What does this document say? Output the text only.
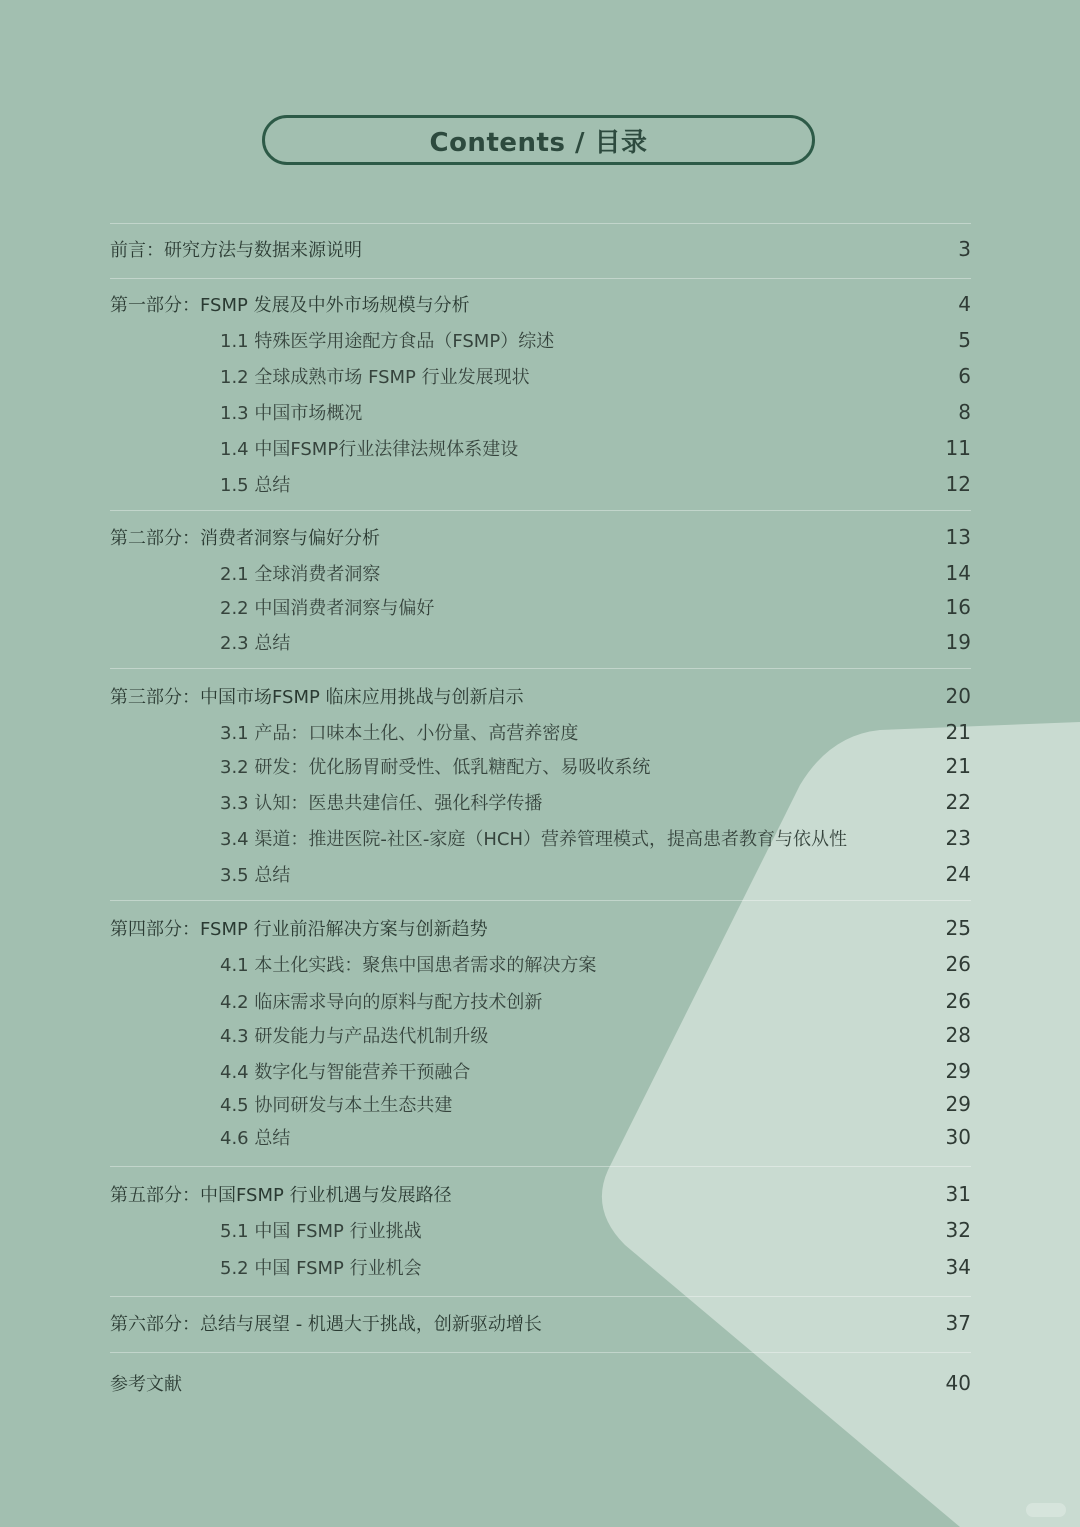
Contents / 目录
前言：研究方法与数据来源说明	3
第一部分：FSMP 发展及中外市场规模与分析	4
1.1 特殊医学用途配方食品（FSMP）综述	5
1.2 全球成熟市场 FSMP 行业发展现状	6
1.3 中国市场概况	8
1.4 中国FSMP行业法律法规体系建设	11
1.5 总结	12
第二部分：消费者洞察与偏好分析	13
2.1 全球消费者洞察	14
2.2 中国消费者洞察与偏好	16
2.3 总结	19
第三部分：中国市场FSMP 临床应用挑战与创新启示	20
3.1 产品：口味本土化、小份量、高营养密度	21
3.2 研发：优化肠胃耐受性、低乳糖配方、易吸收系统	21
3.3 认知：医患共建信任、强化科学传播	22
3.4 渠道：推进医院-社区-家庭（HCH）营养管理模式，提高患者教育与依从性	23
3.5 总结	24
第四部分：FSMP 行业前沿解决方案与创新趋势	25
4.1 本土化实践：聚焦中国患者需求的解决方案	26
4.2 临床需求导向的原料与配方技术创新	26
4.3 研发能力与产品迭代机制升级	28
4.4 数字化与智能营养干预融合	29
4.5 协同研发与本土生态共建	29
4.6 总结	30
第五部分：中国FSMP 行业机遇与发展路径	31
5.1 中国 FSMP 行业挑战	32
5.2 中国 FSMP 行业机会	34
第六部分：总结与展望 - 机遇大于挑战，创新驱动增长	37
参考文献	40
